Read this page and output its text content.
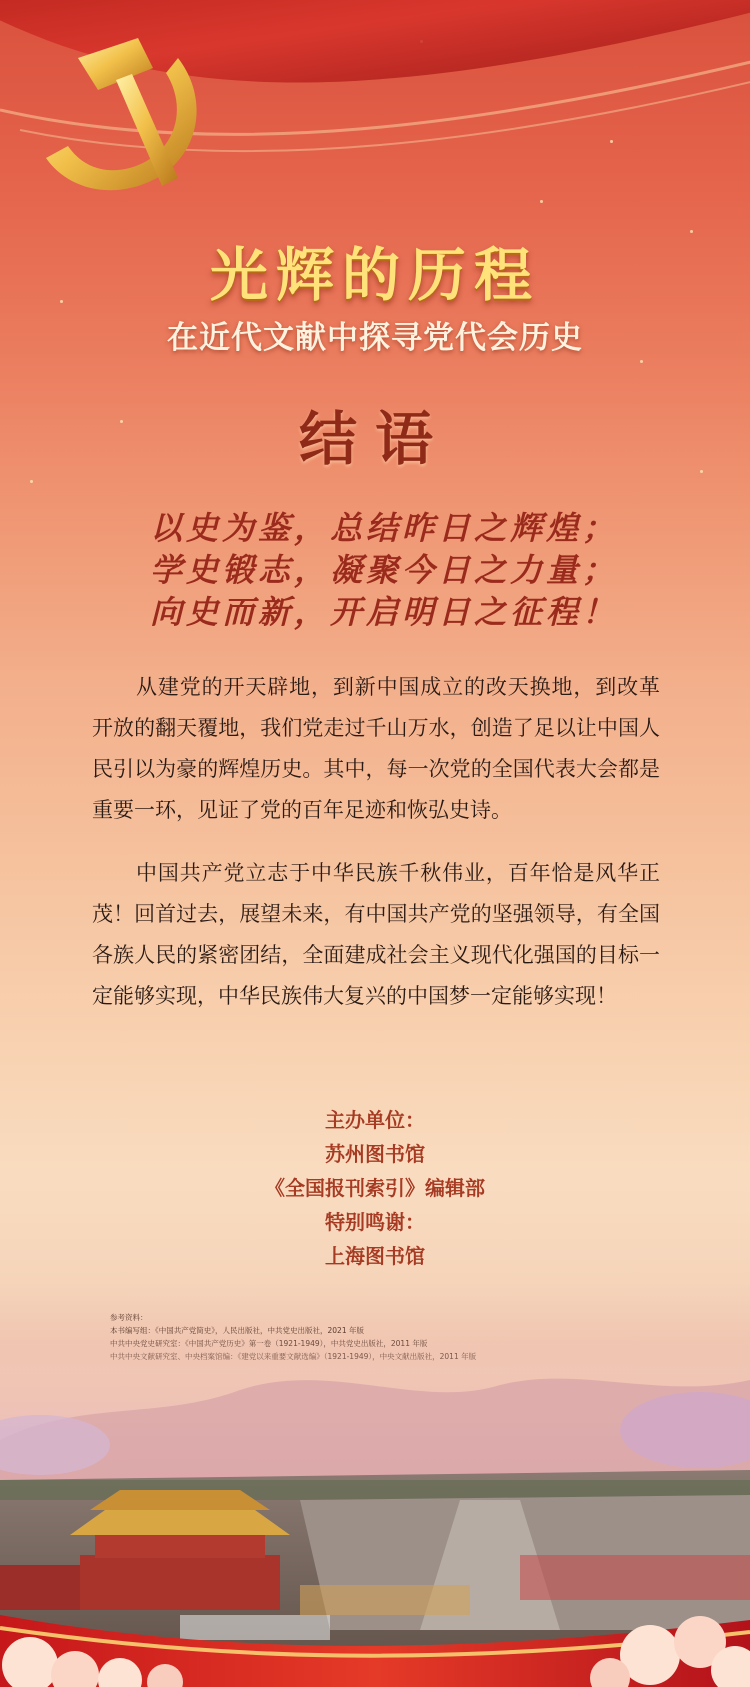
光辉的历程
在近代文献中探寻党代会历史
结语
以史为鉴，总结昨日之辉煌；
学史锻志，凝聚今日之力量；
向史而新，开启明日之征程！

从建党的开天辟地，到新中国成立的改天换地，到改革开放的翻天覆地，我们党走过千山万水，创造了足以让中国人民引以为豪的辉煌历史。其中，每一次党的全国代表大会都是重要一环，见证了党的百年足迹和恢弘史诗。

中国共产党立志于中华民族千秋伟业，百年恰是风华正茂！回首过去，展望未来，有中国共产党的坚强领导，有全国各族人民的紧密团结，全面建成社会主义现代化强国的目标一定能够实现，中华民族伟大复兴的中国梦一定能够实现！

主办单位：
苏州图书馆
《全国报刊索引》编辑部
特别鸣谢：
上海图书馆
参考资料：
